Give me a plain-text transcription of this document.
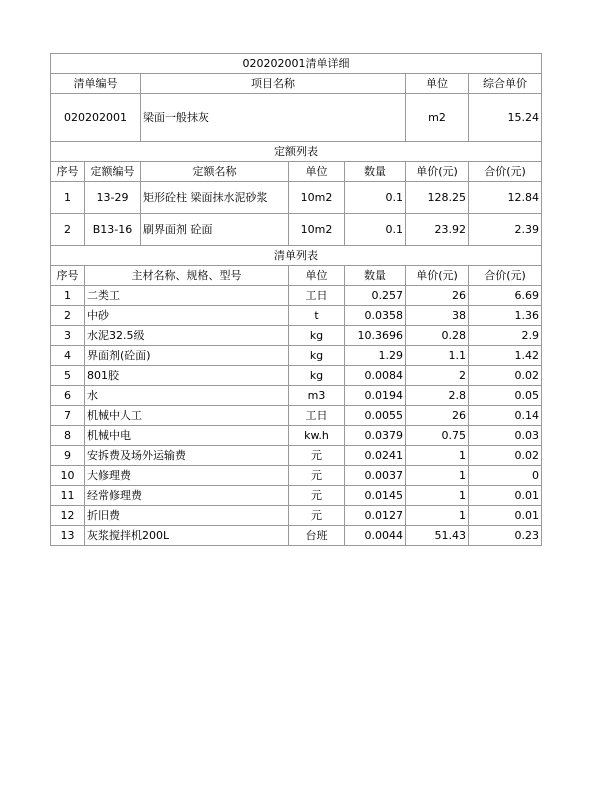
020202001清单详细						
清单编号		项目名称			单位	综合单价
020202001		梁面一般抹灰			m2	15.24
定额列表						
序号	定额编号	定额名称	单位	数量	单价(元)	合价(元)
1	13-29	矩形砼柱 梁面抹水泥砂浆	10m2	0.1	128.25	12.84
2	B13-16	刷界面剂 砼面	10m2	0.1	23.92	2.39
清单列表						
序号	主材名称、规格、型号		单位	数量	单价(元)	合价(元)
1	二类工		工日	0.257	26	6.69
2	中砂		t	0.0358	38	1.36
3	水泥32.5级		kg	10.3696	0.28	2.9
4	界面剂(砼面)		kg	1.29	1.1	1.42
5	801胶		kg	0.0084	2	0.02
6	水		m3	0.0194	2.8	0.05
7	机械中人工		工日	0.0055	26	0.14
8	机械中电		kw.h	0.0379	0.75	0.03
9	安拆费及场外运输费		元	0.0241	1	0.02
10	大修理费		元	0.0037	1	0
11	经常修理费		元	0.0145	1	0.01
12	折旧费		元	0.0127	1	0.01
13	灰浆搅拌机200L		台班	0.0044	51.43	0.23
